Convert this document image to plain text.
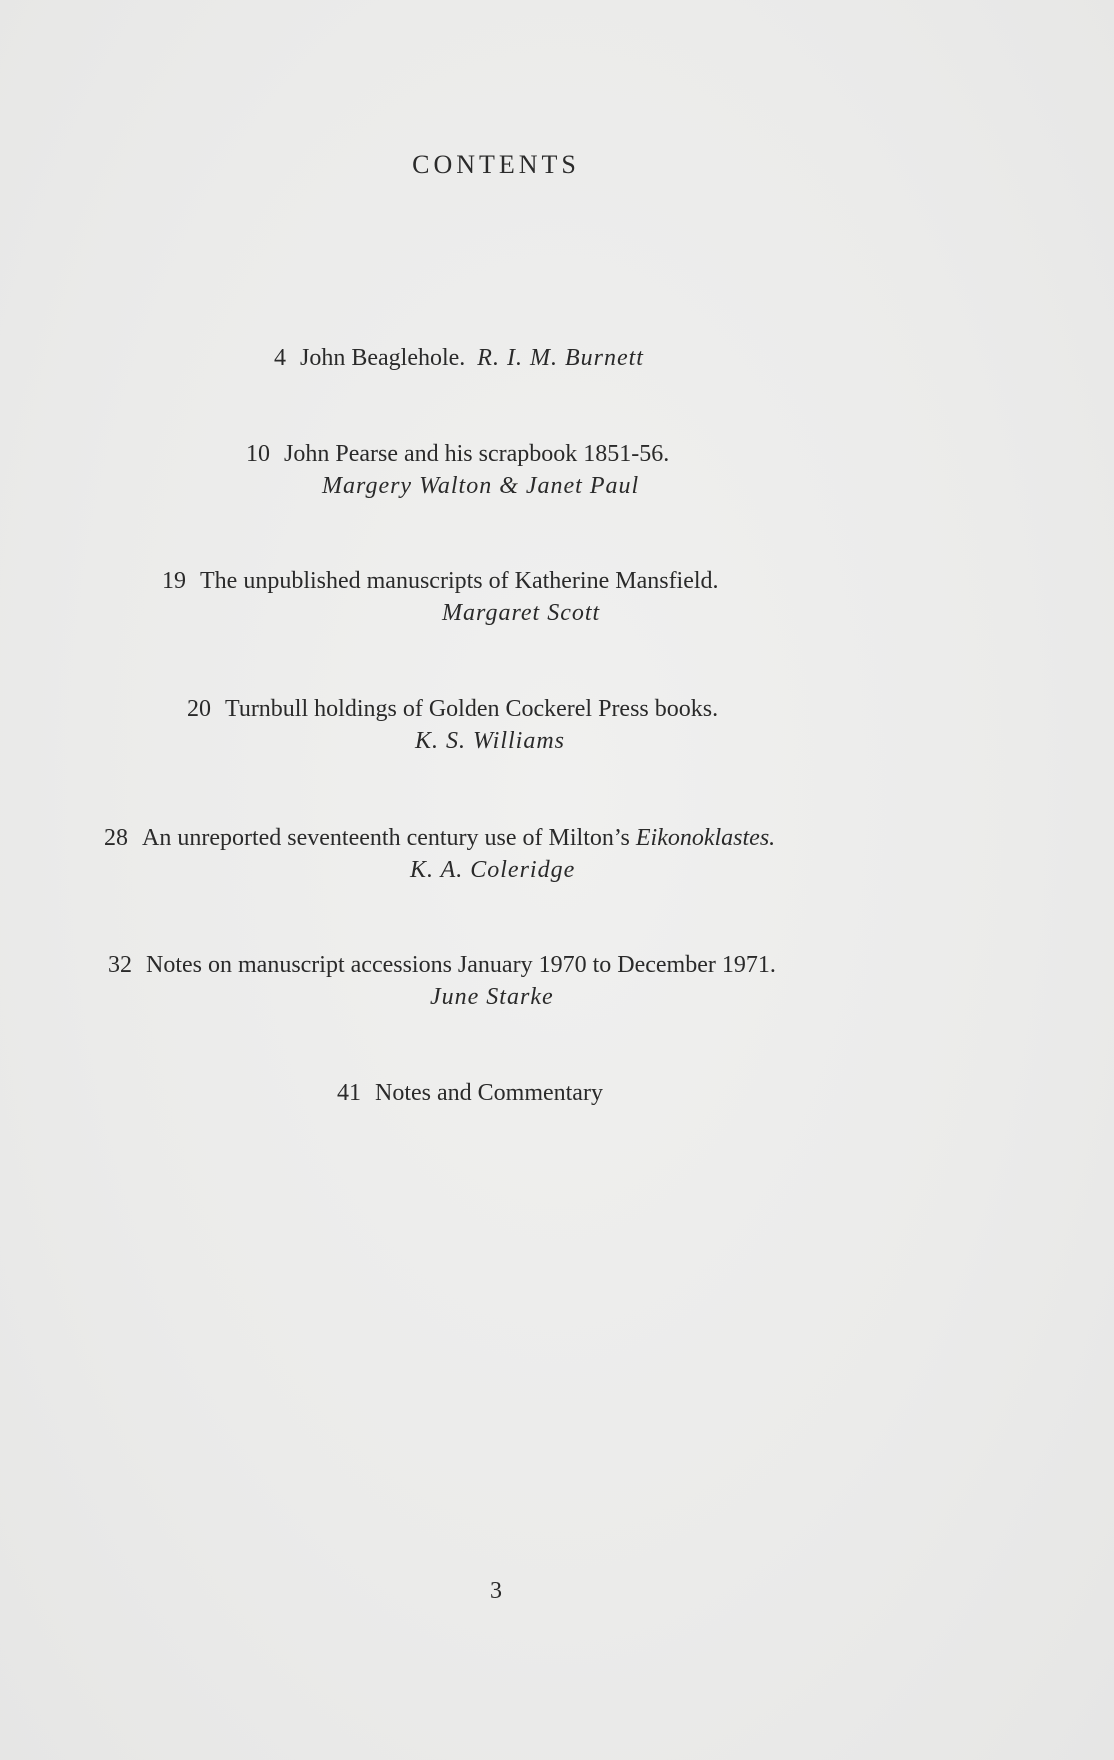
CONTENTS
4 John Beaglehole. R. I. M. Burnett
10 John Pearse and his scrapbook 1851-56.
Margery Walton & Janet Paul
19 The unpublished manuscripts of Katherine Mansfield.
Margaret Scott
20 Turnbull holdings of Golden Cockerel Press books.
K. S. Williams
28 An unreported seventeenth century use of Milton’s Eikonoklastes.
K. A. Coleridge
32 Notes on manuscript accessions January 1970 to December 1971.
June Starke
41 Notes and Commentary
3
